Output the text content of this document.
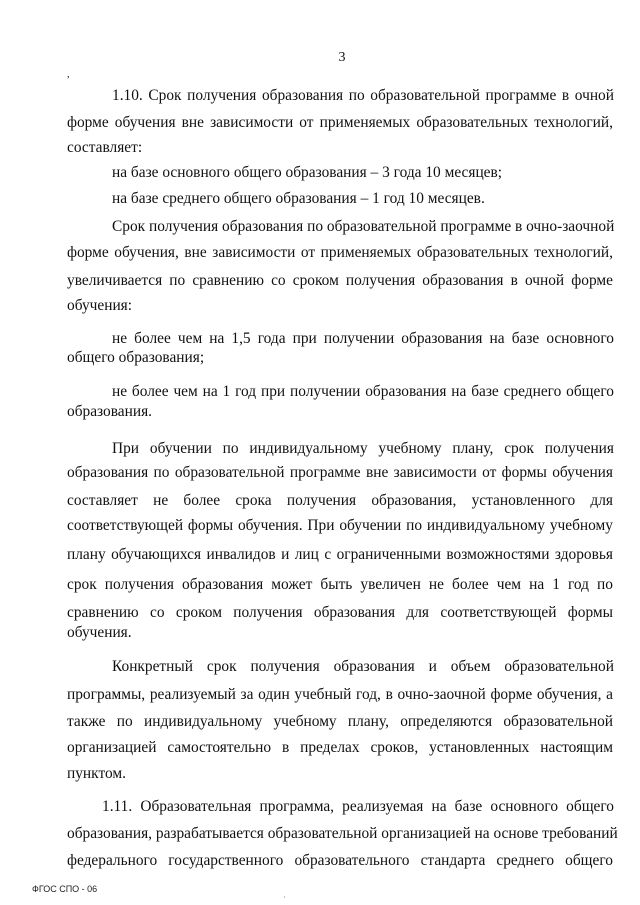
,
3
1.10. Срок получения образования по образовательной программе в очной
форме обучения вне зависимости от применяемых образовательных технологий,
составляет:
на базе основного общего образования – 3 года 10 месяцев;
на базе среднего общего образования – 1 год 10 месяцев.
Срок получения образования по образовательной программе в очно-заочной
форме обучения, вне зависимости от применяемых образовательных технологий,
увеличивается по сравнению со сроком получения образования в очной форме
обучения:
не более чем на 1,5 года при получении образования на базе основного
общего образования;
не более чем на 1 год при получении образования на базе среднего общего
образования.
При обучении по индивидуальному учебному плану, срок получения
образования по образовательной программе вне зависимости от формы обучения
составляет не более срока получения образования, установленного для
соответствующей формы обучения. При обучении по индивидуальному учебному
плану обучающихся инвалидов и лиц с ограниченными возможностями здоровья
срок получения образования может быть увеличен не более чем на 1 год по
сравнению со сроком получения образования для соответствующей формы
обучения.
Конкретный срок получения образования и объем образовательной
программы, реализуемый за один учебный год, в очно-заочной форме обучения, а
также по индивидуальному учебному плану, определяются образовательной
организацией самостоятельно в пределах сроков, установленных настоящим
пунктом.
1.11. Образовательная программа, реализуемая на базе основного общего
образования, разрабатывается образовательной организацией на основе требований
федерального государственного образовательного стандарта среднего общего
ФГОС СПО - 06
·
